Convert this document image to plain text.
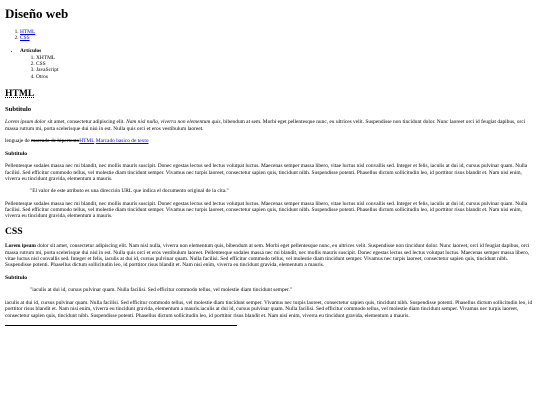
Diseño web
1. HTML
2. CSS
• Artículos
1. XHTML
2. CSS
3. JavaScript
4. Otros
HTML
Subtitulo

Lorem ipsum dolor sit amet, consectetur adipiscing elit. Nam nisl nulla, viverra non elementum quis, bibendum at sem. Morbi eget pellentesque nunc, eu ultrices velit. Suspendisse non tincidunt dolor. Nunc laoreet orci id feugiat dapibus, orci massa rutrum mi, porta scelerisque dui nisi in est. Nulla quis orci et eros vestibulum laoreet.

lenguaje de marcado de hipertextoHTML Marcado basico de texto

Subtitulo

Pellentesque sodales massa nec mi blandit, nec mollis mauris suscipit. Donec egestas lectus sed lectus volutpat luctus. Maecenas semper massa libero, vitae luctus nisl convallis sed. Integer et felis, iaculis at dui id, cursus pulvinar quam. Nulla facilisi. Sed efficitur commodo tellus, vel molestie diam tincidunt semper. Vivamus nec turpis laoreet, consectetur sapien quis, tincidunt nibh. Suspendisse potenti. Phasellus dictum sollicitudin leo, id porttitor risus blandit et. Nam nisi enim, viverra eu tincidunt gravida, elementum a mauris.

"El valor de este atributo es una dirección URL que indica el documento original de la cita."

Pellentesque sodales massa nec mi blandit, nec mollis mauris suscipit. Donec egestas lectus sed lectus volutpat luctus. Maecenas semper massa libero, vitae luctus nisl convallis sed. Integer et felis, iaculis at dui id, cursus pulvinar quam. Nulla facilisi. Sed efficitur commodo tellus, vel molestie diam tincidunt semper. Vivamus nec turpis laoreet, consectetur sapien quis, tincidunt nibh. Suspendisse potenti. Phasellus dictum sollicitudin leo, id porttitor risus blandit et. Nam nisi enim, viverra eu tincidunt gravida, elementum a mauris.

CSS

Lorem ipsum dolor sit amet, consectetur adipiscing elit. Nam nisl nulla, viverra non elementum quis, bibendum at sem. Morbi eget pellentesque nunc, eu ultrices velit. Suspendisse non tincidunt dolor. Nunc laoreet, orci id feugiat dapibus, orci massa rutrum mi, porta scelerisque dui nisi in est. Nulla quis orci et eros vestibulum laoreet. Pellentesque sodales massa nec mi blandit, nec mollis mauris suscipit. Donec egestas lectus sed lectus volutpat luctus. Maecenas semper massa libero, vitae luctus nisl convallis sed. Integer et felis, iaculis at dui id, cursus pulvinar quam. Nulla facilisi. Sed efficitur commodo tellus, vel molestie diam tincidunt semper. Vivamus nec turpis laoreet, consectetur sapien quis, tincidunt nibh. Suspendisse potenti. Phasellus dictum sollicitudin leo, id porttitor risus blandit et. Nam nisi enim, viverra eu tincidunt gravida, elementum a mauris.

Subtitulo
"iaculis at dui id, cursus pulvinar quam. Nulla facilisi. Sed efficitur commodo tellus, vel molestie diam tincidunt semper."

iaculis at dui id, cursus pulvinar quam. Nulla facilisi. Sed efficitur commodo tellus, vel molestie diam tincidunt semper. Vivamus nec turpis laoreet, consectetur sapien quis, tincidunt nibh. Suspendisse potenti. Phasellus dictum sollicitudin leo, id porttitor risus blandit et. Nam nisi enim, viverra eu tincidunt gravida, elementum a mauris.iaculis at dui id, cursus pulvinar quam. Nulla facilisi. Sed efficitur commodo tellus, vel molestie diam tincidunt semper. Vivamus nec turpis laoreet, consectetur sapien quis, tincidunt nibh. Suspendisse potenti. Phasellus dictum sollicitudin leo, id porttitor risus blandit et. Nam nisi enim, viverra eu tincidunt gravida, elementum a mauris.
